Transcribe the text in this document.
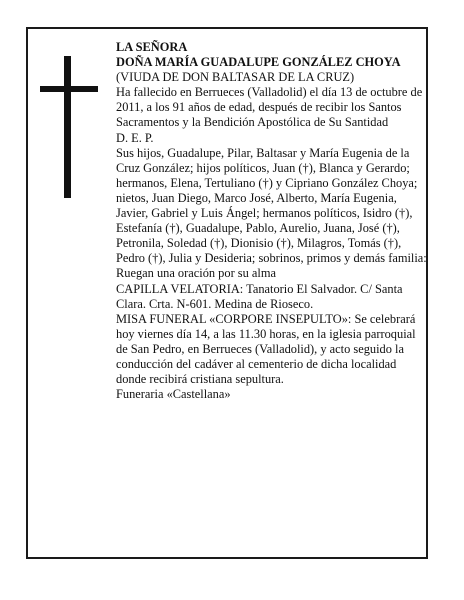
LA SEÑORA

DOÑA MARÍA GUADALUPE GONZÁLEZ CHOYA

(VIUDA DE DON BALTASAR DE LA CRUZ)

Ha fallecido en Berrueces (Valladolid) el día 13 de octubre de 2011, a los 91 años de edad, después de recibir los Santos Sacramentos y la Bendición Apostólica de Su Santidad

D. E. P.

Sus hijos, Guadalupe, Pilar, Baltasar y María Eugenia de la Cruz González; hijos políticos, Juan (†), Blanca y Gerardo; hermanos, Elena, Tertuliano (†) y Cipriano González Choya; nietos, Juan Diego, Marco José, Alberto, María Eugenia, Javier, Gabriel y Luis Ángel; hermanos políticos, Isidro (†), Estefanía (†), Guadalupe, Pablo, Aurelio, Juana, José (†), Petronila, Soledad (†), Dionisio (†), Milagros, Tomás (†), Pedro (†), Julia y Desideria; sobrinos, primos y demás familia:

Ruegan una oración por su alma

CAPILLA VELATORIA: Tanatorio El Salvador. C/ Santa Clara. Crta. N-601. Medina de Rioseco.

MISA FUNERAL «CORPORE INSEPULTO»: Se celebrará hoy viernes día 14, a las 11.30 horas, en la iglesia parroquial de San Pedro, en Berrueces (Valladolid), y acto seguido la conducción del cadáver al cementerio de dicha localidad donde recibirá cristiana sepultura.

Funeraria «Castellana»
